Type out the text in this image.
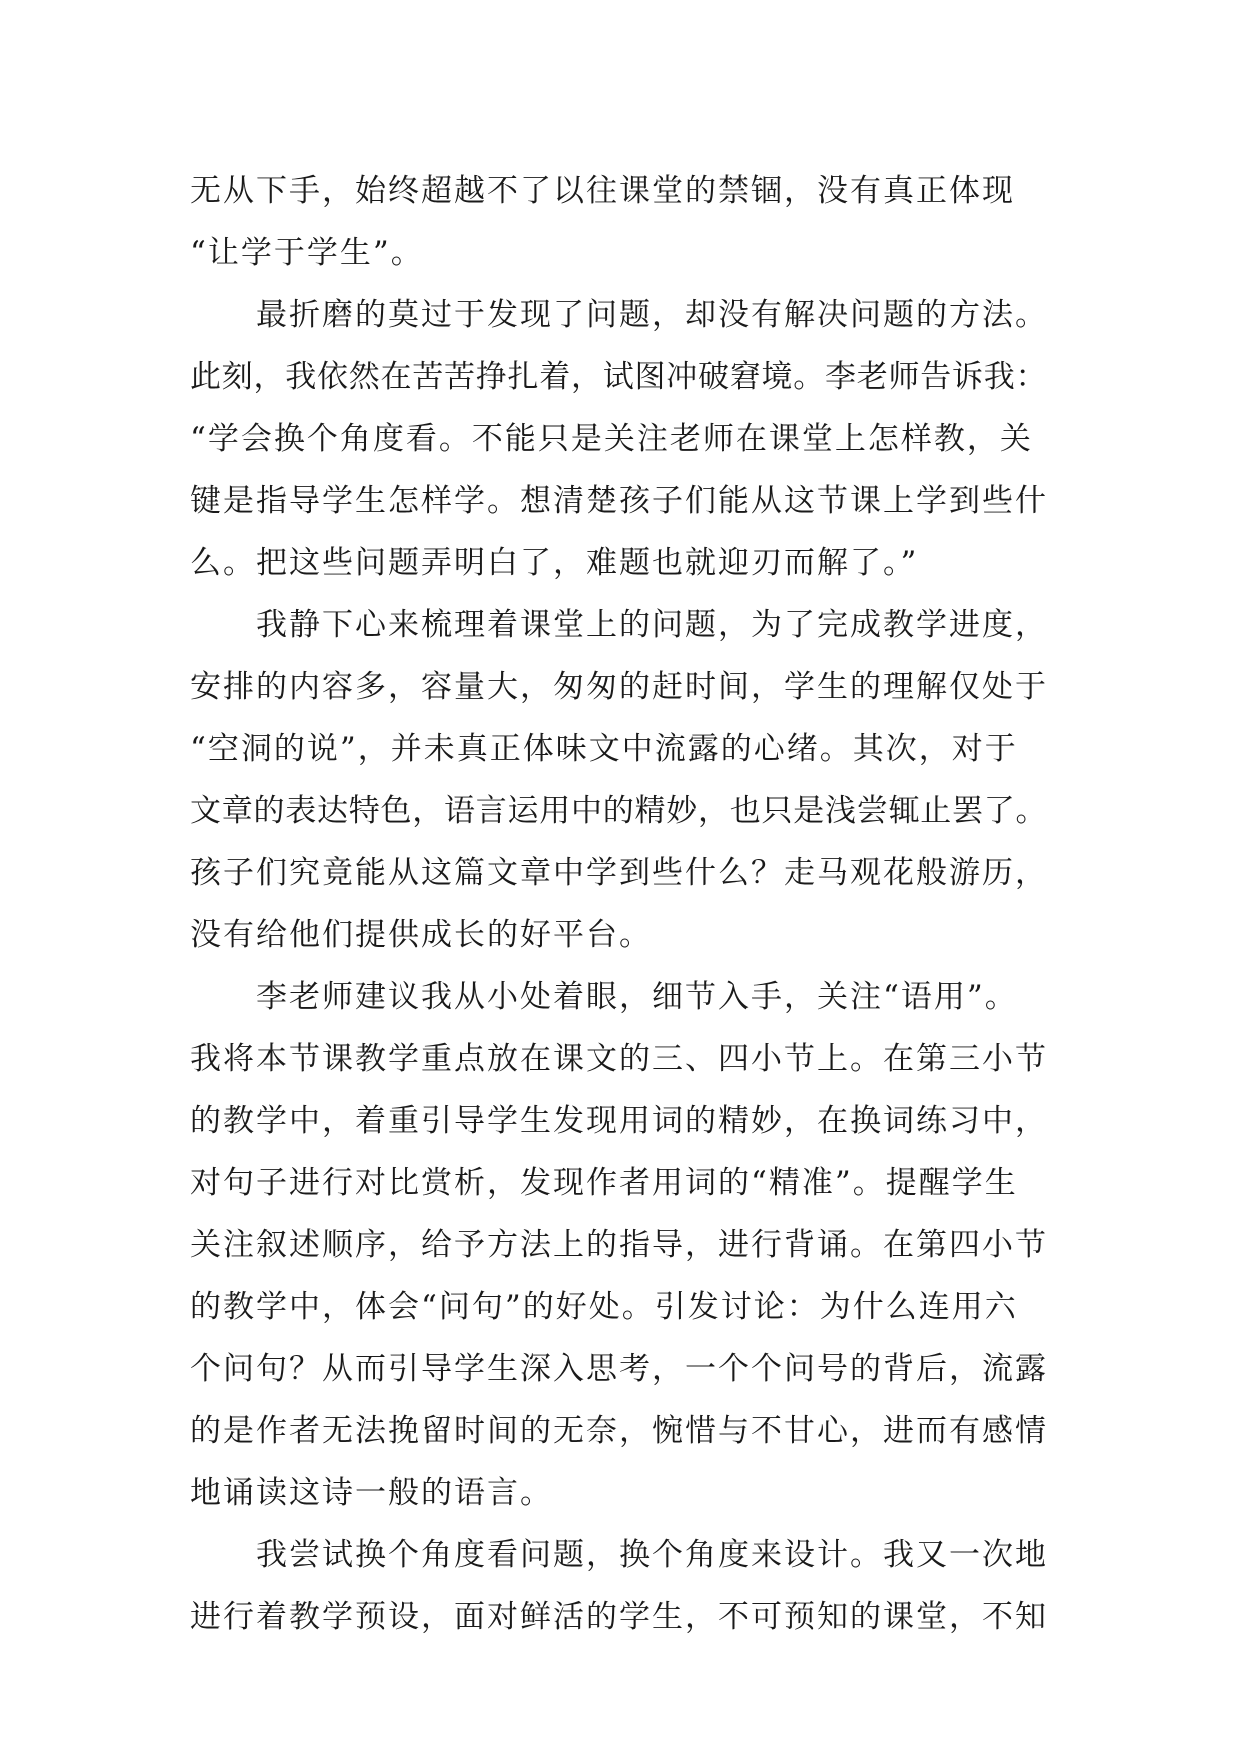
无从下手，始终超越不了以往课堂的禁锢，没有真正体现
“让学于学生”。
最折磨的莫过于发现了问题，却没有解决问题的方法。
此刻，我依然在苦苦挣扎着，试图冲破窘境。李老师告诉我：
“学会换个角度看。不能只是关注老师在课堂上怎样教，关
键是指导学生怎样学。想清楚孩子们能从这节课上学到些什
么。把这些问题弄明白了，难题也就迎刃而解了。”
我静下心来梳理着课堂上的问题，为了完成教学进度，
安排的内容多，容量大，匆匆的赶时间，学生的理解仅处于
“空洞的说”，并未真正体味文中流露的心绪。其次，对于
文章的表达特色，语言运用中的精妙，也只是浅尝辄止罢了。
孩子们究竟能从这篇文章中学到些什么？走马观花般游历，
没有给他们提供成长的好平台。
李老师建议我从小处着眼，细节入手，关注“语用”。
我将本节课教学重点放在课文的三、四小节上。在第三小节
的教学中，着重引导学生发现用词的精妙，在换词练习中，
对句子进行对比赏析，发现作者用词的“精准”。提醒学生
关注叙述顺序，给予方法上的指导，进行背诵。在第四小节
的教学中，体会“问句”的好处。引发讨论：为什么连用六
个问句？从而引导学生深入思考，一个个问号的背后，流露
的是作者无法挽留时间的无奈，惋惜与不甘心，进而有感情
地诵读这诗一般的语言。
我尝试换个角度看问题，换个角度来设计。我又一次地
进行着教学预设，面对鲜活的学生，不可预知的课堂，不知
